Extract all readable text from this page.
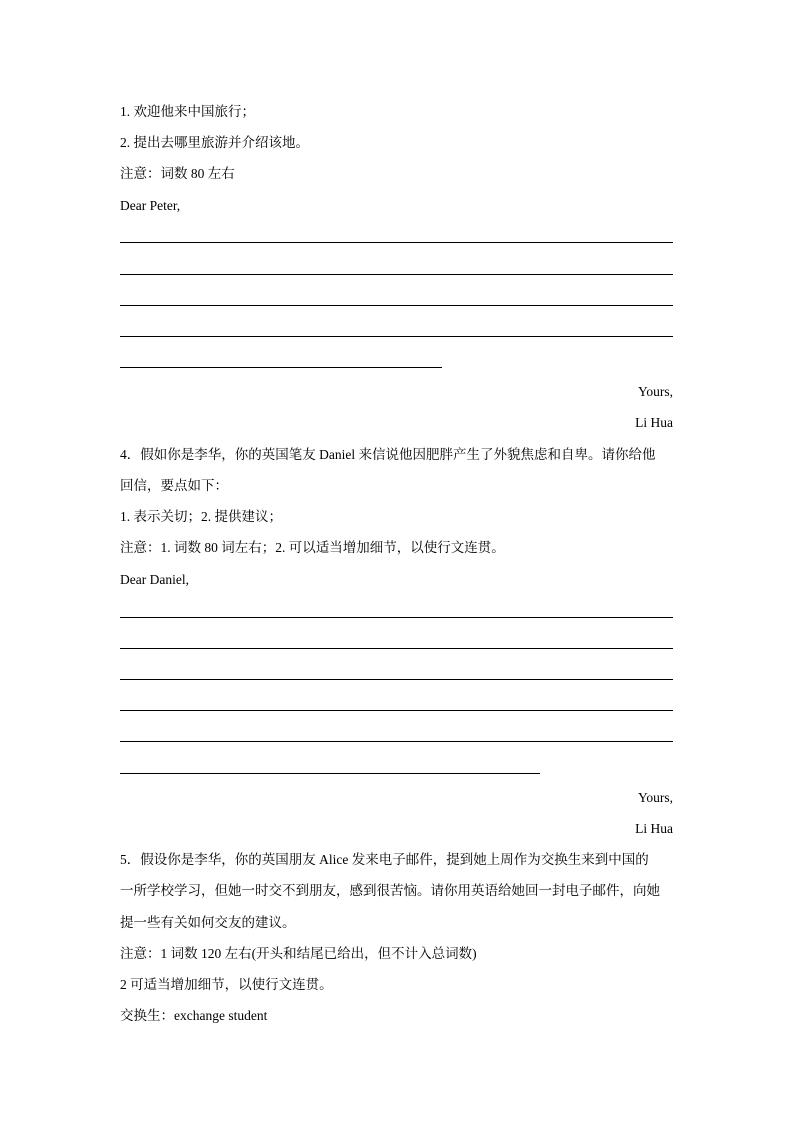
1. 欢迎他来中国旅行；
2. 提出去哪里旅游并介绍该地。
注意：词数 80 左右
Dear Peter,
Yours,
Li Hua
4．假如你是李华，你的英国笔友 Daniel 来信说他因肥胖产生了外貌焦虑和自卑。请你给他
回信，要点如下：
1. 表示关切；2. 提供建议；
注意：1. 词数 80 词左右；2. 可以适当增加细节，以使行文连贯。
Dear Daniel,
Yours,
Li Hua
5．假设你是李华，你的英国朋友 Alice 发来电子邮件，提到她上周作为交换生来到中国的
一所学校学习，但她一时交不到朋友，感到很苦恼。请你用英语给她回一封电子邮件，向她
提一些有关如何交友的建议。
注意：1 词数 120 左右(开头和结尾已给出，但不计入总词数)
2 可适当增加细节，以使行文连贯。
交换生：exchange student
